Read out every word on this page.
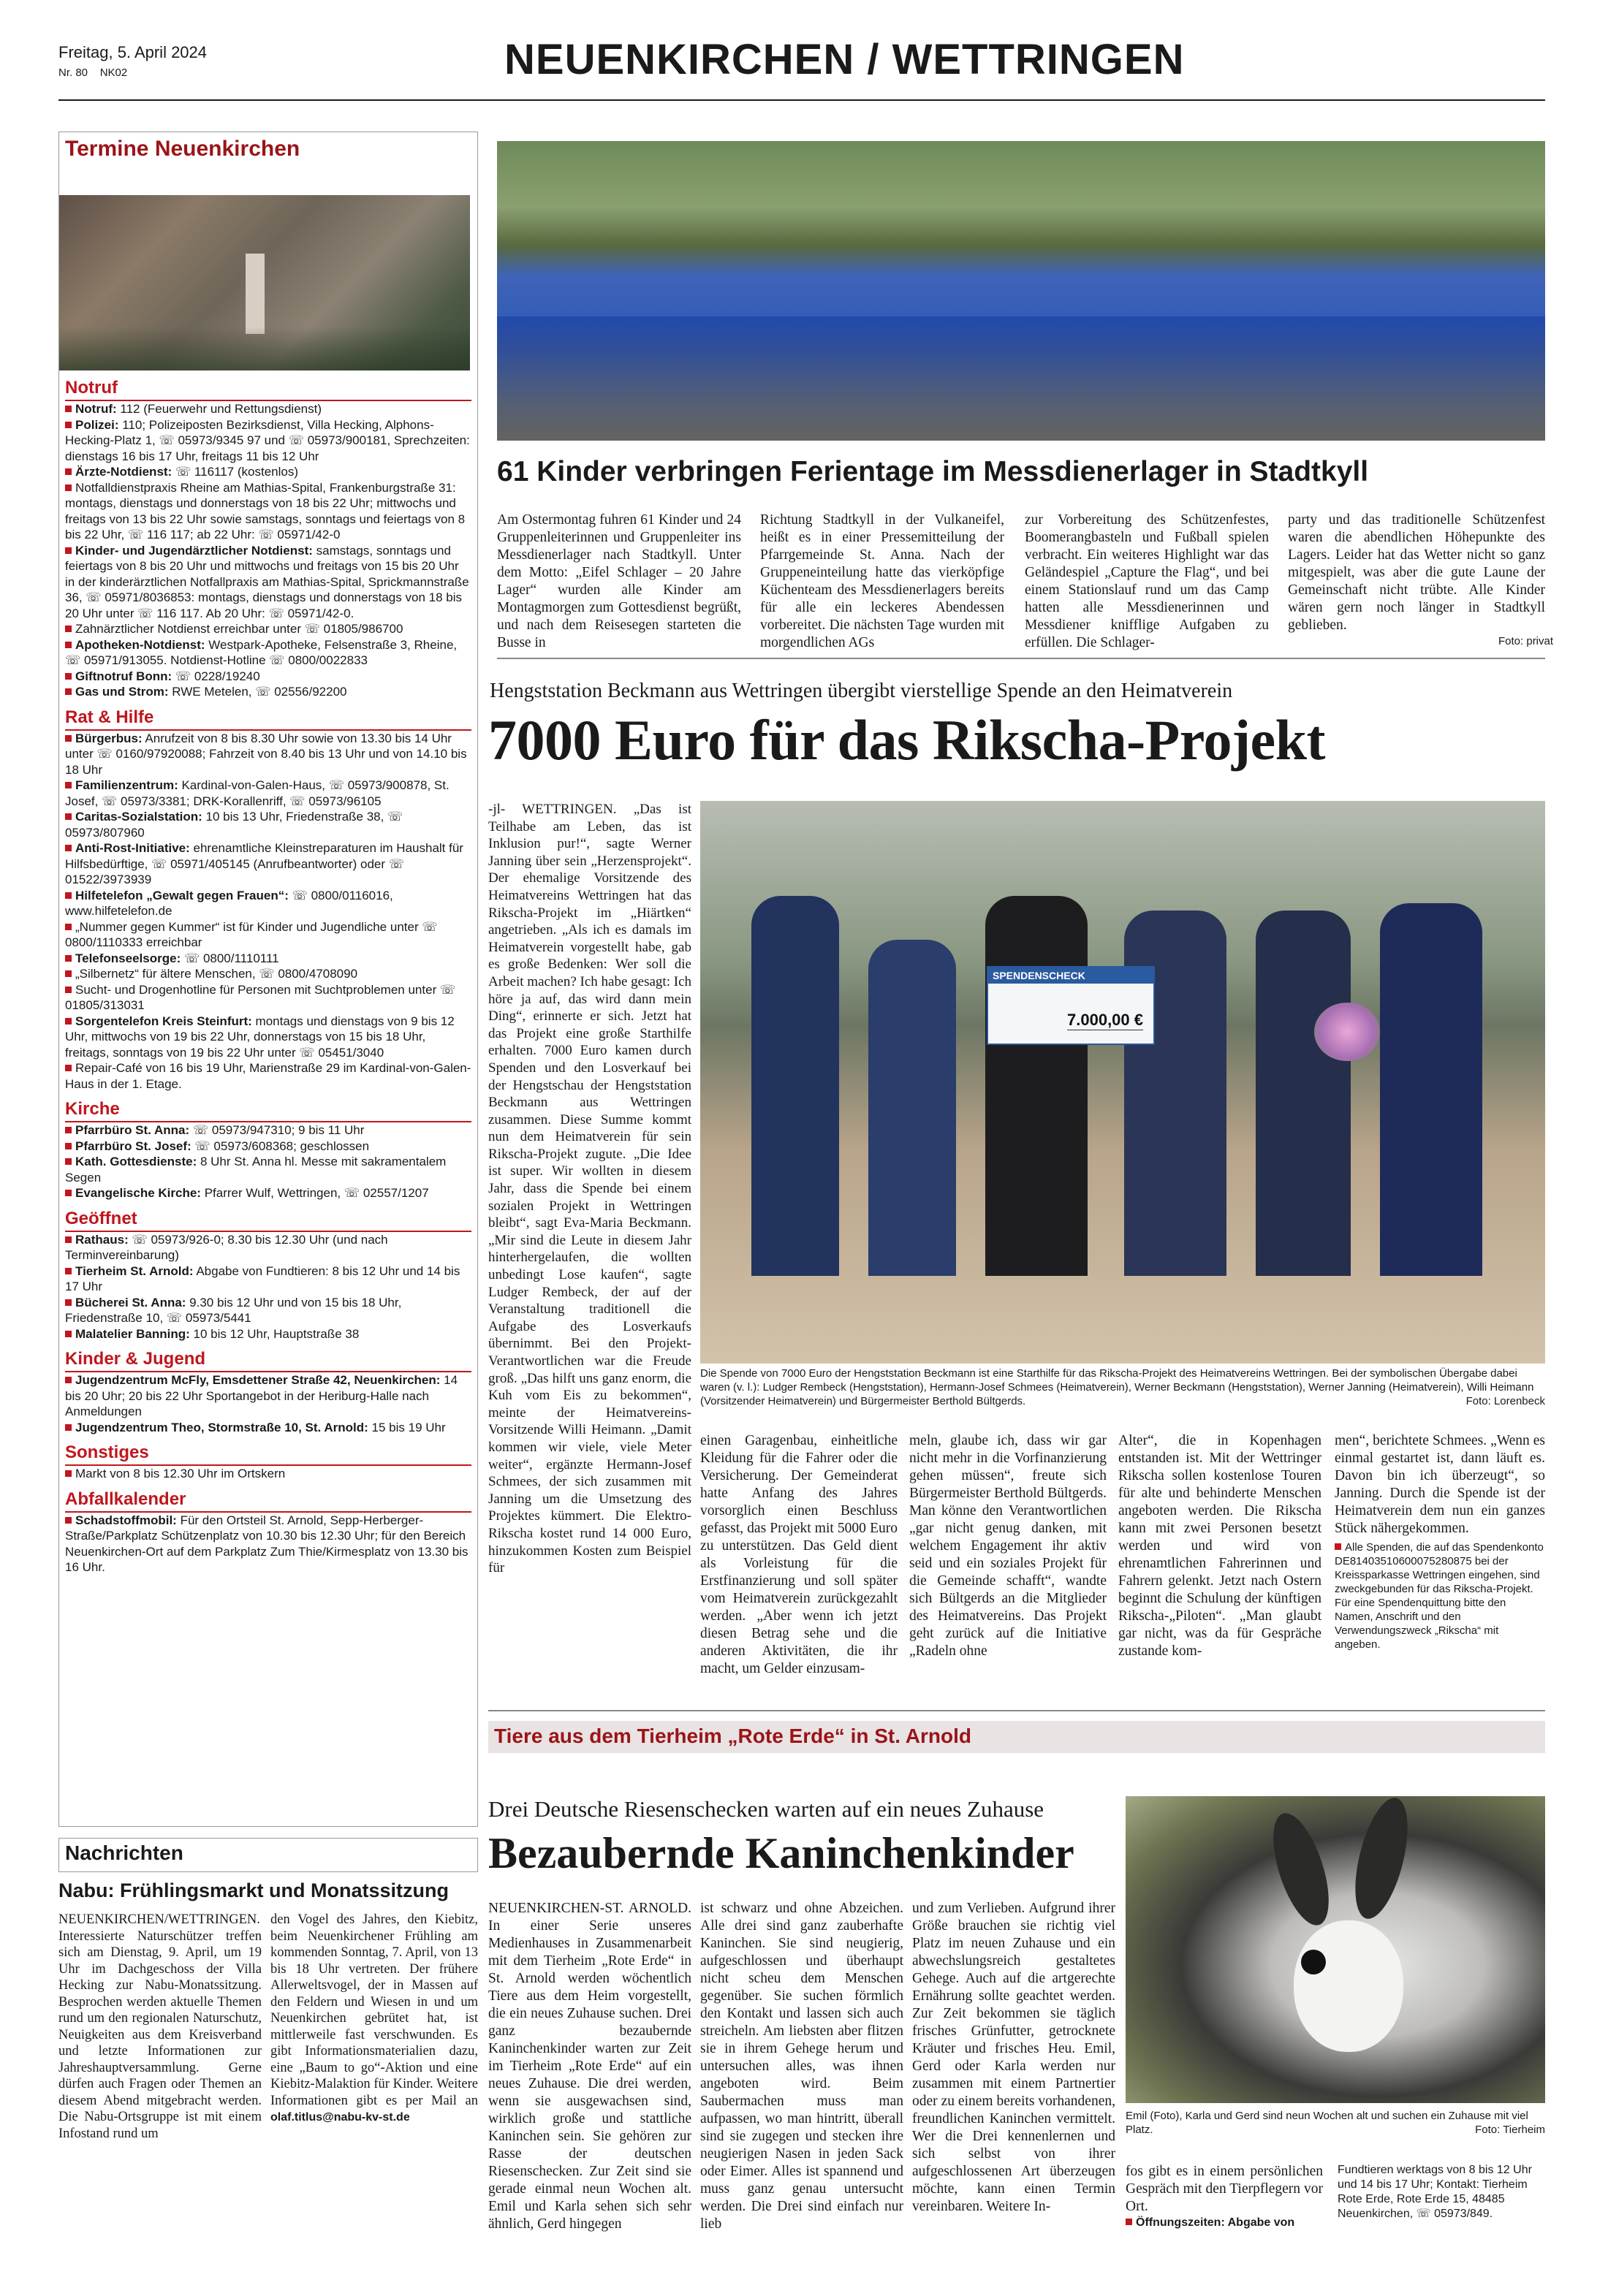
Freitag, 5. April 2024
Nr. 80 NK02	NEUENKIRCHEN / WETTRINGEN
Termine Neuenkirchen
Notruf
Notruf: 112 (Feuerwehr und Rettungsdienst)
Polizei: 110; Polizeiposten Bezirksdienst, Villa Hecking, Alphons-Hecking-Platz 1, ☏ 05973/9345 97 und ☏ 05973/900181, Sprechzeiten: dienstags 16 bis 17 Uhr, freitags 11 bis 12 Uhr
Ärzte-Notdienst: ☏ 116117 (kostenlos)
Notfalldienstpraxis Rheine am Mathias-Spital, Frankenburgstraße 31: montags, dienstags und donnerstags von 18 bis 22 Uhr; mittwochs und freitags von 13 bis 22 Uhr sowie samstags, sonntags und feiertags von 8 bis 22 Uhr, ☏ 116 117; ab 22 Uhr: ☏ 05971/42-0
Kinder- und Jugendärztlicher Notdienst: samstags, sonntags und feiertags von 8 bis 20 Uhr und mittwochs und freitags von 15 bis 20 Uhr in der kinderärztlichen Notfallpraxis am Mathias-Spital, Sprickmannstraße 36, ☏ 05971/8036853: montags, dienstags und donnerstags von 18 bis 20 Uhr unter ☏ 116 117. Ab 20 Uhr: ☏ 05971/42-0.
Zahnärztlicher Notdienst erreichbar unter ☏ 01805/986700
Apotheken-Notdienst: Westpark-Apotheke, Felsenstraße 3, Rheine, ☏ 05971/913055. Notdienst-Hotline ☏ 0800/0022833
Giftnotruf Bonn: ☏ 0228/19240
Gas und Strom: RWE Metelen, ☏ 02556/92200
Rat & Hilfe
Bürgerbus: Anrufzeit von 8 bis 8.30 Uhr sowie von 13.30 bis 14 Uhr unter ☏ 0160/97920088; Fahrzeit von 8.40 bis 13 Uhr und von 14.10 bis 18 Uhr
Familienzentrum: Kardinal-von-Galen-Haus, ☏ 05973/900878, St. Josef, ☏ 05973/3381; DRK-Korallenriff, ☏ 05973/96105
Caritas-Sozialstation: 10 bis 13 Uhr, Friedenstraße 38, ☏ 05973/807960
Anti-Rost-Initiative: ehrenamtliche Kleinstreparaturen im Haushalt für Hilfsbedürftige, ☏ 05971/405145 (Anrufbeantworter) oder ☏ 01522/3973939
Hilfetelefon „Gewalt gegen Frauen“: ☏ 0800/0116016, www.hilfetelefon.de
„Nummer gegen Kummer“ ist für Kinder und Jugendliche unter ☏ 0800/1110333 erreichbar
Telefonseelsorge: ☏ 0800/1110111
„Silbernetz“ für ältere Menschen, ☏ 0800/4708090
Sucht- und Drogenhotline für Personen mit Suchtproblemen unter ☏ 01805/313031
Sorgentelefon Kreis Steinfurt: montags und dienstags von 9 bis 12 Uhr, mittwochs von 19 bis 22 Uhr, donnerstags von 15 bis 18 Uhr, freitags, sonntags von 19 bis 22 Uhr unter ☏ 05451/3040
Repair-Café von 16 bis 19 Uhr, Marienstraße 29 im Kardinal-von-Galen-Haus in der 1. Etage.
Kirche
Pfarrbüro St. Anna: ☏ 05973/947310; 9 bis 11 Uhr
Pfarrbüro St. Josef: ☏ 05973/608368; geschlossen
Kath. Gottesdienste: 8 Uhr St. Anna hl. Messe mit sakramentalem Segen
Evangelische Kirche: Pfarrer Wulf, Wettringen, ☏ 02557/1207
Geöffnet
Rathaus: ☏ 05973/926-0; 8.30 bis 12.30 Uhr (und nach Terminvereinbarung)
Tierheim St. Arnold: Abgabe von Fundtieren: 8 bis 12 Uhr und 14 bis 17 Uhr
Bücherei St. Anna: 9.30 bis 12 Uhr und von 15 bis 18 Uhr, Friedenstraße 10, ☏ 05973/5441
Malatelier Banning: 10 bis 12 Uhr, Hauptstraße 38
Kinder & Jugend
Jugendzentrum McFly, Emsdettener Straße 42, Neuenkirchen: 14 bis 20 Uhr; 20 bis 22 Uhr Sportangebot in der Heriburg-Halle nach Anmeldungen
Jugendzentrum Theo, Stormstraße 10, St. Arnold: 15 bis 19 Uhr
Sonstiges
Markt von 8 bis 12.30 Uhr im Ortskern
Abfallkalender
Schadstoffmobil: Für den Ortsteil St. Arnold, Sepp-Herberger-Straße/Parkplatz Schützenplatz von 10.30 bis 12.30 Uhr; für den Bereich Neuenkirchen-Ort auf dem Parkplatz Zum Thie/Kirmesplatz von 13.30 bis 16 Uhr.
Nachrichten
Nabu: Frühlingsmarkt und Monatssitzung
NEUENKIRCHEN/WETTRINGEN. Interessierte Naturschützer treffen sich am Dienstag, 9. April, um 19 Uhr im Dachgeschoss der Villa Hecking zur Nabu-Monatssitzung. Besprochen werden aktuelle Themen rund um den regionalen Naturschutz, Neuigkeiten aus dem Kreisverband und letzte Informationen zur Jahreshauptversammlung. Gerne dürfen auch Fragen oder Themen an diesem Abend mitgebracht werden. Die Nabu-Ortsgruppe ist mit einem Infostand rund um
den Vogel des Jahres, den Kiebitz, beim Neuenkirchener Frühling am kommenden Sonntag, 7. April, von 13 bis 18 Uhr vertreten. Der frühere Allerweltsvogel, der in Massen auf den Feldern und Wiesen in und um Neuenkirchen gebrütet hat, ist mittlerweile fast verschwunden. Es gibt Informationsmaterialien dazu, eine „Baum to go“-Aktion und eine Kiebitz-Malaktion für Kinder. Weitere Informationen gibt es per Mail an olaf.titlus@nabu-kv-st.de
61 Kinder verbringen Ferientage im Messdienerlager in Stadtkyll
Am Ostermontag fuhren 61 Kinder und 24 Gruppenleiterinnen und Gruppenleiter ins Messdienerlager nach Stadtkyll. Unter dem Motto: „Eifel Schlager – 20 Jahre Lager“ wurden alle Kinder am Montagmorgen zum Gottesdienst begrüßt, und nach dem Reisesegen starteten die Busse in
Richtung Stadtkyll in der Vulkaneifel, heißt es in einer Pressemitteilung der Pfarrgemeinde St. Anna. Nach der Gruppeneinteilung hatte das vierköpfige Küchenteam des Messdienerlagers bereits für alle ein leckeres Abendessen vorbereitet. Die nächsten Tage wurden mit morgendlichen AGs
zur Vorbereitung des Schützenfestes, Boomerangbasteln und Fußball spielen verbracht. Ein weiteres Highlight war das Geländespiel „Capture the Flag“, und bei einem Stationslauf rund um das Camp hatten alle Messdienerinnen und Messdiener knifflige Aufgaben zu erfüllen. Die Schlager-
party und das traditionelle Schützenfest waren die abendlichen Höhepunkte des Lagers. Leider hat das Wetter nicht so ganz mitgespielt, was aber die gute Laune der Gemeinschaft nicht trübte. Alle Kinder wären gern noch länger in Stadtkyll geblieben.
Foto: privat
Hengststation Beckmann aus Wettringen übergibt vierstellige Spende an den Heimatverein
7000 Euro für das Rikscha-Projekt
-jl- WETTRINGEN. „Das ist Teilhabe am Leben, das ist Inklusion pur!“, sagte Werner Janning über sein „Herzensprojekt“. Der ehemalige Vorsitzende des Heimatvereins Wettringen hat das Rikscha-Projekt im „Hiärtken“ angetrieben. „Als ich es damals im Heimatverein vorgestellt habe, gab es große Bedenken: Wer soll die Arbeit machen? Ich habe gesagt: Ich höre ja auf, das wird dann mein Ding“, erinnerte er sich. Jetzt hat das Projekt eine große Starthilfe erhalten. 7000 Euro kamen durch Spenden und den Losverkauf bei der Hengstschau der Hengststation Beckmann aus Wettringen zusammen. Diese Summe kommt nun dem Heimatverein für sein Rikscha-Projekt zugute. „Die Idee ist super. Wir wollten in diesem Jahr, dass die Spende bei einem sozialen Projekt in Wettringen bleibt“, sagt Eva-Maria Beckmann. „Mir sind die Leute in diesem Jahr hinterhergelaufen, die wollten unbedingt Lose kaufen“, sagte Ludger Rembeck, der auf der Veranstaltung traditionell die Aufgabe des Losverkaufs übernimmt. Bei den Projekt-Verantwortlichen war die Freude groß. „Das hilft uns ganz enorm, die Kuh vom Eis zu bekommen“, meinte der Heimatvereins-Vorsitzende Willi Heimann. „Damit kommen wir viele, viele Meter weiter“, ergänzte Hermann-Josef Schmees, der sich zusammen mit Janning um die Umsetzung des Projektes kümmert. Die Elektro-Rikscha kostet rund 14 000 Euro, hinzukommen Kosten zum Beispiel für
SPENDENSCHECK
7.000,00 €
Die Spende von 7000 Euro der Hengststation Beckmann ist eine Starthilfe für das Rikscha-Projekt des Heimatvereins Wettringen. Bei der symbolischen Übergabe dabei waren (v. l.): Ludger Rembeck (Hengststation), Hermann-Josef Schmees (Heimatverein), Werner Beckmann (Hengststation), Werner Janning (Heimatverein), Willi Heimann (Vorsitzender Heimatverein) und Bürgermeister Berthold Bültgerds.	Foto: Lorenbeck
einen Garagenbau, einheitliche Kleidung für die Fahrer oder die Versicherung. Der Gemeinderat hatte Anfang des Jahres vorsorglich einen Beschluss gefasst, das Projekt mit 5000 Euro zu unterstützen. Das Geld dient als Vorleistung für die Erstfinanzierung und soll später vom Heimatverein zurückgezahlt werden. „Aber wenn ich jetzt diesen Betrag sehe und die anderen Aktivitäten, die ihr macht, um Gelder einzusam-
meln, glaube ich, dass wir gar nicht mehr in die Vorfinanzierung gehen müssen“, freute sich Bürgermeister Berthold Bültgerds. Man könne den Verantwortlichen „gar nicht genug danken, mit welchem Engagement ihr aktiv seid und ein soziales Projekt für die Gemeinde schafft“, wandte sich Bültgerds an die Mitglieder des Heimatvereins. Das Projekt geht zurück auf die Initiative „Radeln ohne
Alter“, die in Kopenhagen entstanden ist. Mit der Wettringer Rikscha sollen kostenlose Touren für alte und behinderte Menschen angeboten werden. Die Rikscha kann mit zwei Personen besetzt werden und wird von ehrenamtlichen Fahrerinnen und Fahrern gelenkt. Jetzt nach Ostern beginnt die Schulung der künftigen Rikscha-„Piloten“. „Man glaubt gar nicht, was da für Gespräche zustande kom-
men“, berichtete Schmees. „Wenn es einmal gestartet ist, dann läuft es. Davon bin ich überzeugt“, so Janning. Durch die Spende ist der Heimatverein dem nun ein ganzes Stück nähergekommen.
Alle Spenden, die auf das Spendenkonto DE81403510600075280875 bei der Kreissparkasse Wettringen eingehen, sind zweckgebunden für das Rikscha-Projekt. Für eine Spendenquittung bitte den Namen, Anschrift und den Verwendungszweck „Rikscha“ mit angeben.
Tiere aus dem Tierheim „Rote Erde“ in St. Arnold
Drei Deutsche Riesenschecken warten auf ein neues Zuhause
Bezaubernde Kaninchenkinder
NEUENKIRCHEN-ST. ARNOLD. In einer Serie unseres Medienhauses in Zusammenarbeit mit dem Tierheim „Rote Erde“ in St. Arnold werden wöchentlich Tiere aus dem Heim vorgestellt, die ein neues Zuhause suchen. Drei ganz bezaubernde Kaninchenkinder warten zur Zeit im Tierheim „Rote Erde“ auf ein neues Zuhause. Die drei werden, wenn sie ausgewachsen sind, wirklich große und stattliche Kaninchen sein. Sie gehören zur Rasse der deutschen Riesenschecken. Zur Zeit sind sie gerade einmal neun Wochen alt. Emil und Karla sehen sich sehr ähnlich, Gerd hingegen
ist schwarz und ohne Abzeichen. Alle drei sind ganz zauberhafte Kaninchen. Sie sind neugierig, aufgeschlossen und überhaupt nicht scheu dem Menschen gegenüber. Sie suchen förmlich den Kontakt und lassen sich auch streicheln. Am liebsten aber flitzen sie in ihrem Gehege herum und untersuchen alles, was ihnen angeboten wird. Beim Saubermachen muss man aufpassen, wo man hintritt, überall sind sie zugegen und stecken ihre neugierigen Nasen in jeden Sack oder Eimer. Alles ist spannend und muss ganz genau untersucht werden. Die Drei sind einfach nur lieb
und zum Verlieben. Aufgrund ihrer Größe brauchen sie richtig viel Platz im neuen Zuhause und ein abwechslungsreich gestaltetes Gehege. Auch auf die artgerechte Ernährung sollte geachtet werden. Zur Zeit bekommen sie täglich frisches Grünfutter, getrocknete Kräuter und frisches Heu. Emil, Gerd oder Karla werden nur zusammen mit einem Partnertier oder zu einem bereits vorhandenen, freundlichen Kaninchen vermittelt. Wer die Drei kennenlernen und sich selbst von ihrer aufgeschlossenen Art überzeugen möchte, kann einen Termin vereinbaren. Weitere In-
Emil (Foto), Karla und Gerd sind neun Wochen alt und suchen ein Zuhause mit viel Platz.	Foto: Tierheim
fos gibt es in einem persönlichen Gespräch mit den Tierpflegern vor Ort.
Öffnungszeiten: Abgabe von
Fundtieren werktags von 8 bis 12 Uhr und 14 bis 17 Uhr; Kontakt: Tierheim Rote Erde, Rote Erde 15, 48485 Neuenkirchen, ☏ 05973/849.
